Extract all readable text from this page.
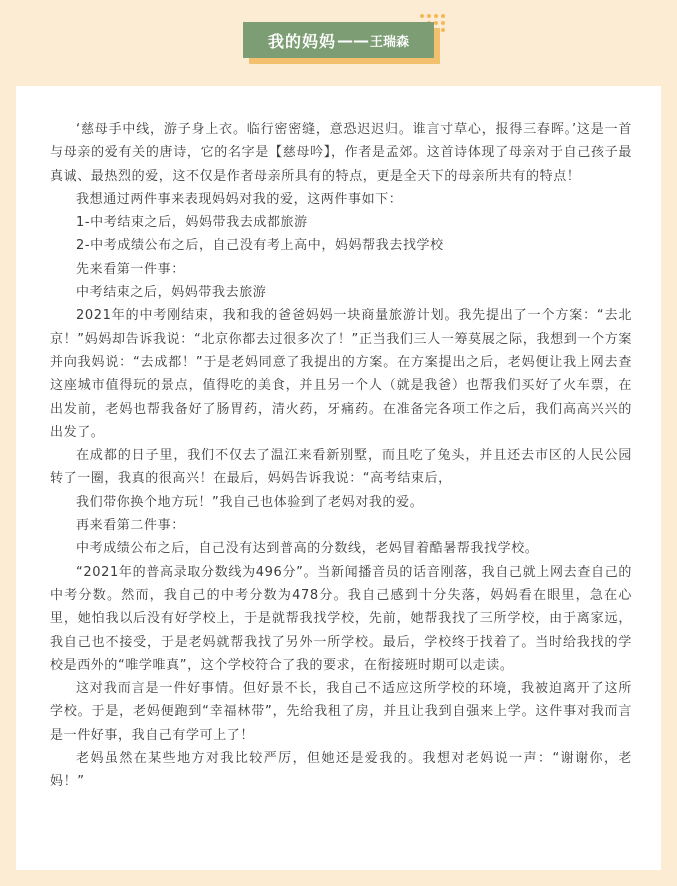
我的妈妈 —— 王瑞森

‘慈母手中线，游子身上衣。临行密密缝，意恐迟迟归。谁言寸草心，报得三春晖。’这是一首与母亲的爱有关的唐诗，它的名字是【慈母吟】，作者是孟郊。这首诗体现了母亲对于自己孩子最真诚、最热烈的爱，这不仅是作者母亲所具有的特点，更是全天下的母亲所共有的特点！

我想通过两件事来表现妈妈对我的爱，这两件事如下：

1-中考结束之后，妈妈带我去成都旅游

2-中考成绩公布之后，自己没有考上高中，妈妈帮我去找学校

先来看第一件事：

中考结束之后，妈妈带我去旅游

2021年的中考刚结束，我和我的爸爸妈妈一块商量旅游计划。我先提出了一个方案：“去北京！”妈妈却告诉我说：“北京你都去过很多次了！”正当我们三人一筹莫展之际，我想到一个方案并向我妈说：“去成都！”于是老妈同意了我提出的方案。在方案提出之后，老妈便让我上网去查这座城市值得玩的景点，值得吃的美食，并且另一个人（就是我爸）也帮我们买好了火车票，在出发前，老妈也帮我备好了肠胃药，清火药，牙痛药。在准备完各项工作之后，我们高高兴兴的出发了。

在成都的日子里，我们不仅去了温江来看新别墅，而且吃了兔头，并且还去市区的人民公园转了一圈，我真的很高兴！在最后，妈妈告诉我说：“高考结束后，

我们带你换个地方玩！”我自己也体验到了老妈对我的爱。

再来看第二件事：

中考成绩公布之后，自己没有达到普高的分数线，老妈冒着酷暑帮我找学校。

“2021年的普高录取分数线为496分”。当新闻播音员的话音刚落，我自己就上网去查自己的中考分数。然而，我自己的中考分数为478分。我自己感到十分失落，妈妈看在眼里，急在心里，她怕我以后没有好学校上，于是就帮我找学校，先前，她帮我找了三所学校，由于离家远，我自己也不接受，于是老妈就帮我找了另外一所学校。最后，学校终于找着了。当时给我找的学校是西外的“唯学唯真”，这个学校符合了我的要求，在衔接班时期可以走读。

这对我而言是一件好事情。但好景不长，我自己不适应这所学校的环境，我被迫离开了这所学校。于是，老妈便跑到“幸福林带”，先给我租了房，并且让我到自强来上学。这件事对我而言是一件好事，我自己有学可上了！

老妈虽然在某些地方对我比较严厉，但她还是爱我的。我想对老妈说一声：“谢谢你，老妈！”
